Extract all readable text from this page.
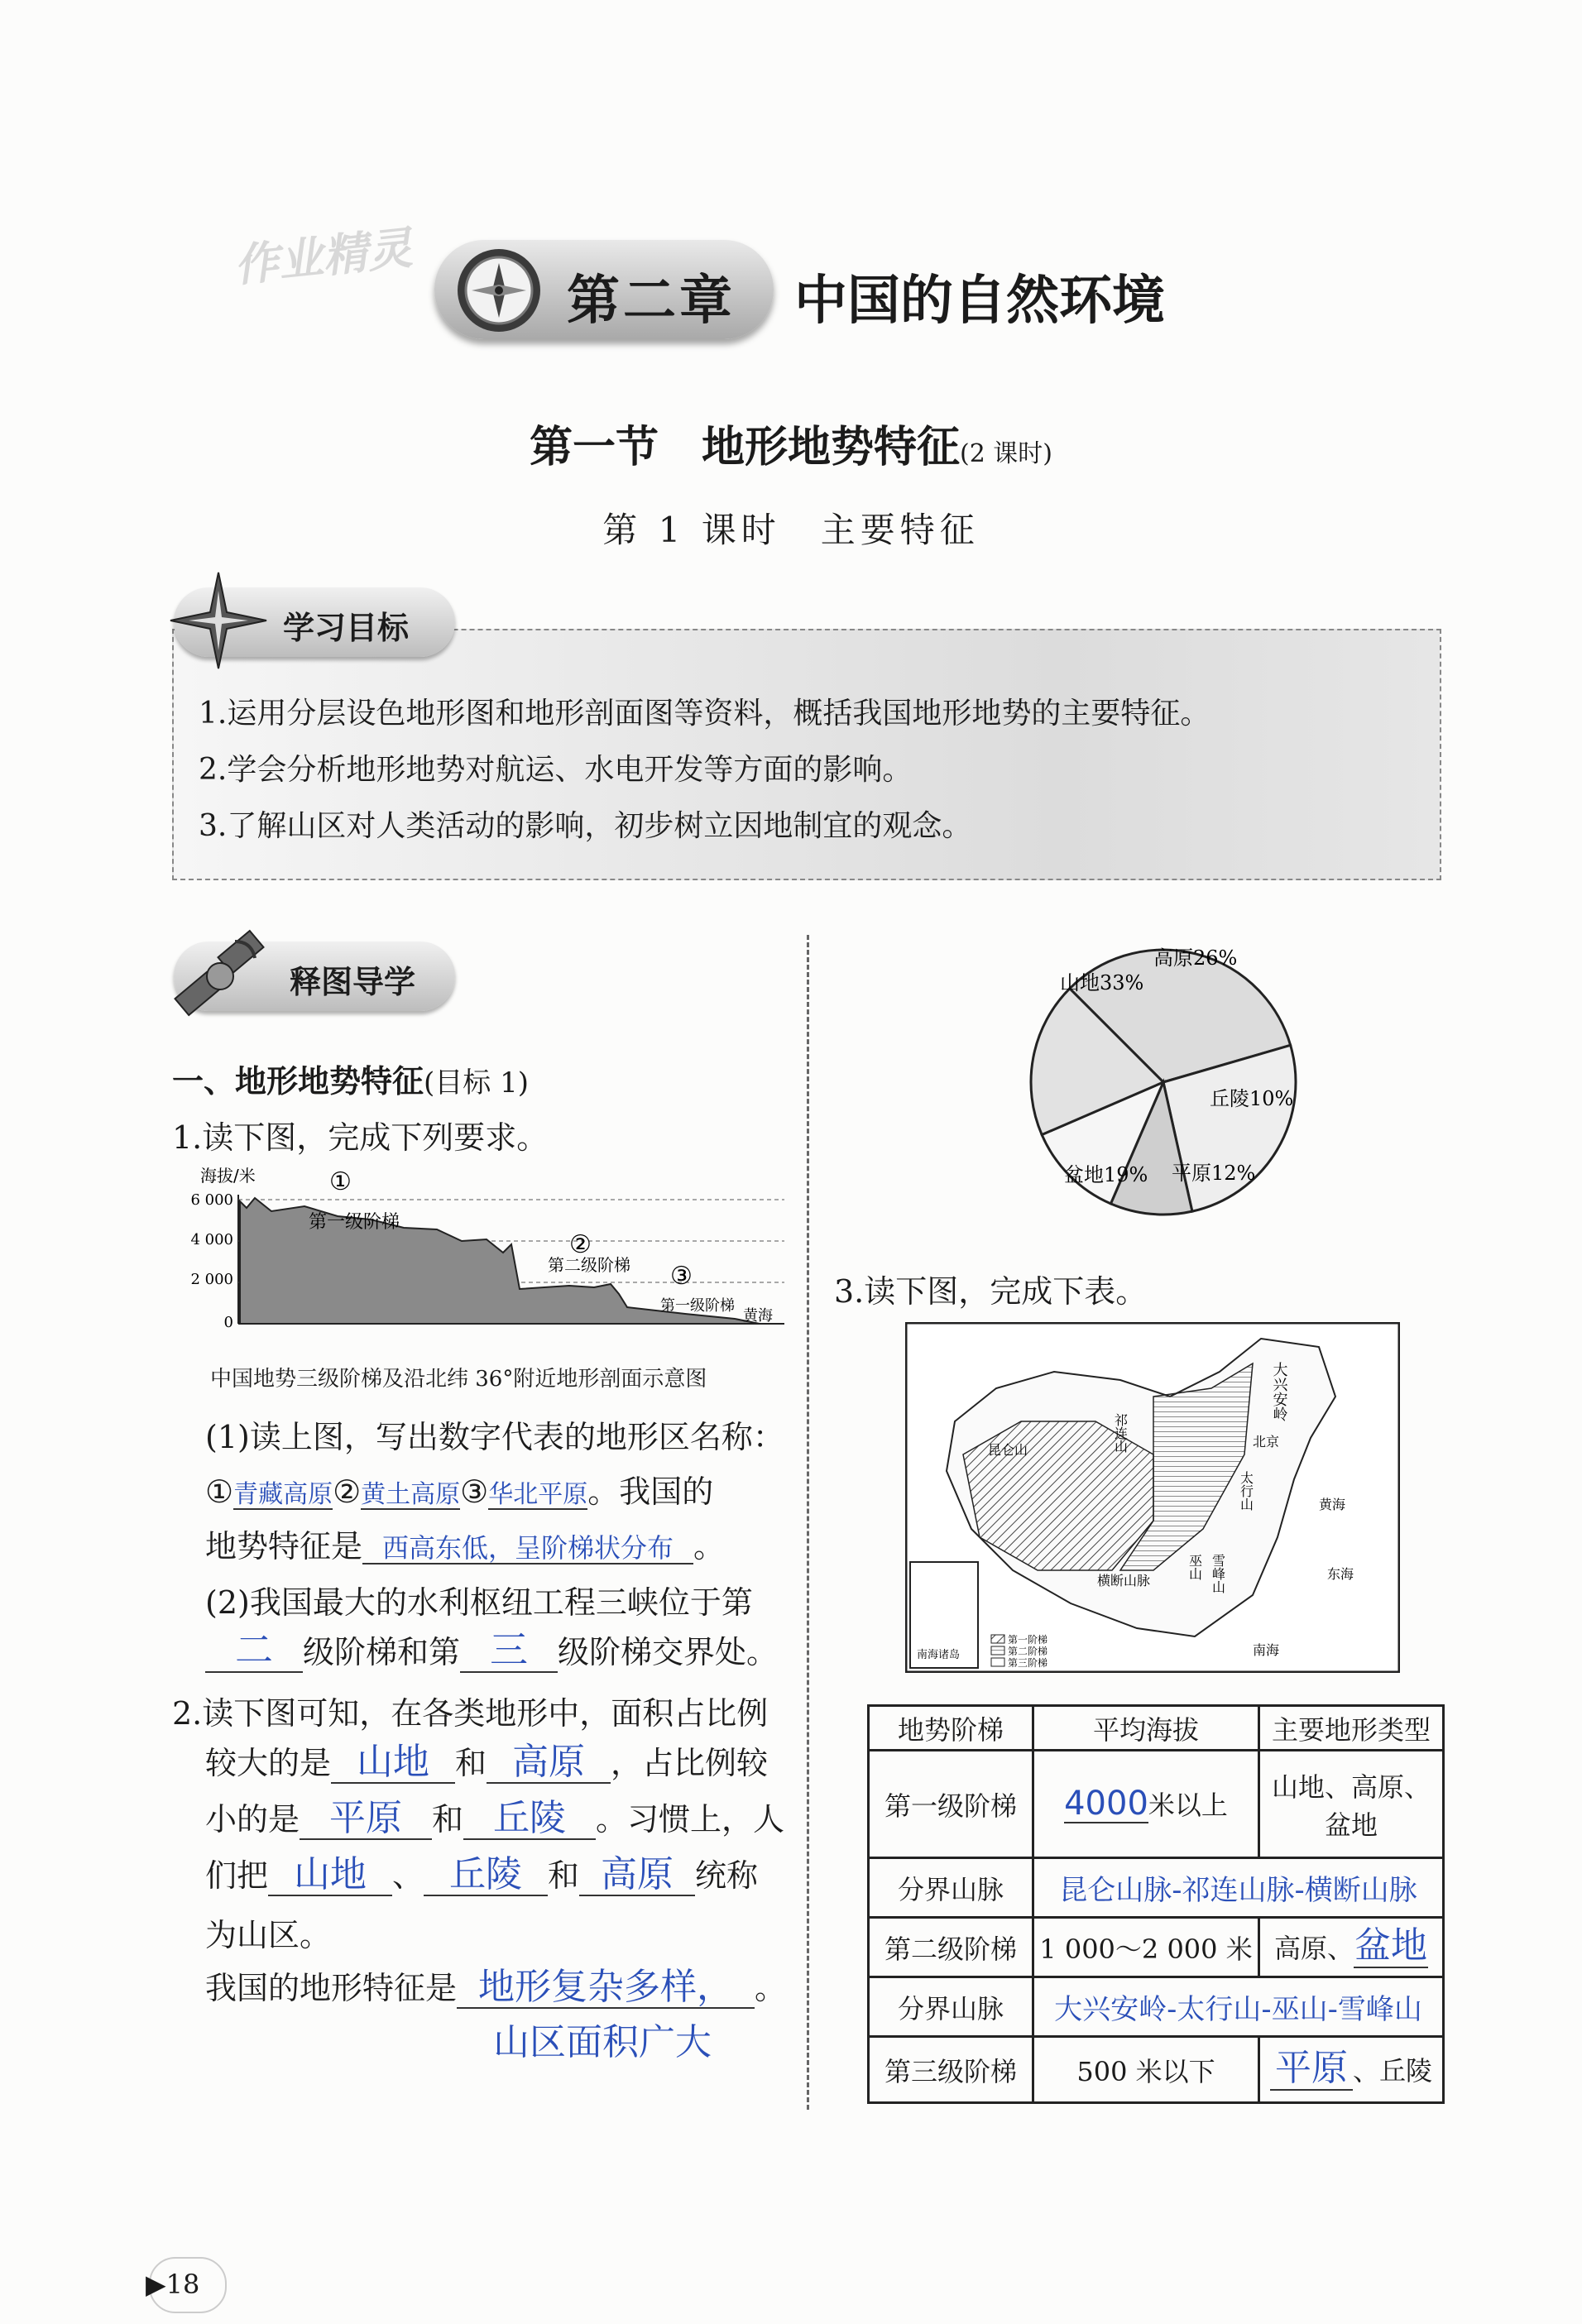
作业精灵
第二章 中国的自然环境
第一节　地形地势特征(2 课时)
第 1 课时　主要特征
1.运用分层设色地形图和地形剖面图等资料，概括我国地形地势的主要特征。
2.学会分析地形地势对航运、水电开发等方面的影响。
3.了解山区对人类活动的影响，初步树立因地制宜的观念。
学习目标
释图导学
一、地形地势特征(目标 1)
1.读下图，完成下列要求。
海拔/米
6 000
4 000
2 000
0
①
②
③
第一级阶梯
第二级阶梯
第一级阶梯
黄海
中国地势三级阶梯及沿北纬 36°附近地形剖面示意图
(1)读上图，写出数字代表的地形区名称：
①青藏高原②黄土高原③华北平原。我国的
地势特征是 西高东低，呈阶梯状分布 。
(2)我国最大的水利枢纽工程三峡位于第
二 级阶梯和第 三 级阶梯交界处。
2.读下图可知，在各类地形中，面积占比例
较大的是 山地 和 高原 ，占比例较
小的是 平原 和 丘陵 。习惯上，人
们把 山地 、 丘陵 和 高原 统称
为山区。
我国的地形特征是 地形复杂多样， 。
山区面积广大
山地33%
高原26%
丘陵10%
平原12%
盆地19%
3.读下图，完成下表。
南海诸岛
大兴安岭
北京
太行山	黄海
东海
南海
昆仑山	祁连山
巫山 雪峰山
横断山脉
第一阶梯
第二阶梯
第三阶梯
地势阶梯	平均海拔	主要地形类型
第一级阶梯	4000米以上	山地、高原、
盆地

分界山脉	昆仑山脉-祁连山脉-横断山脉	
第二级阶梯	1 000～2 000 米	高原、盆地
分界山脉	大兴安岭-太行山-巫山-雪峰山	
第三级阶梯	500 米以下	平原 、丘陵
▶18
